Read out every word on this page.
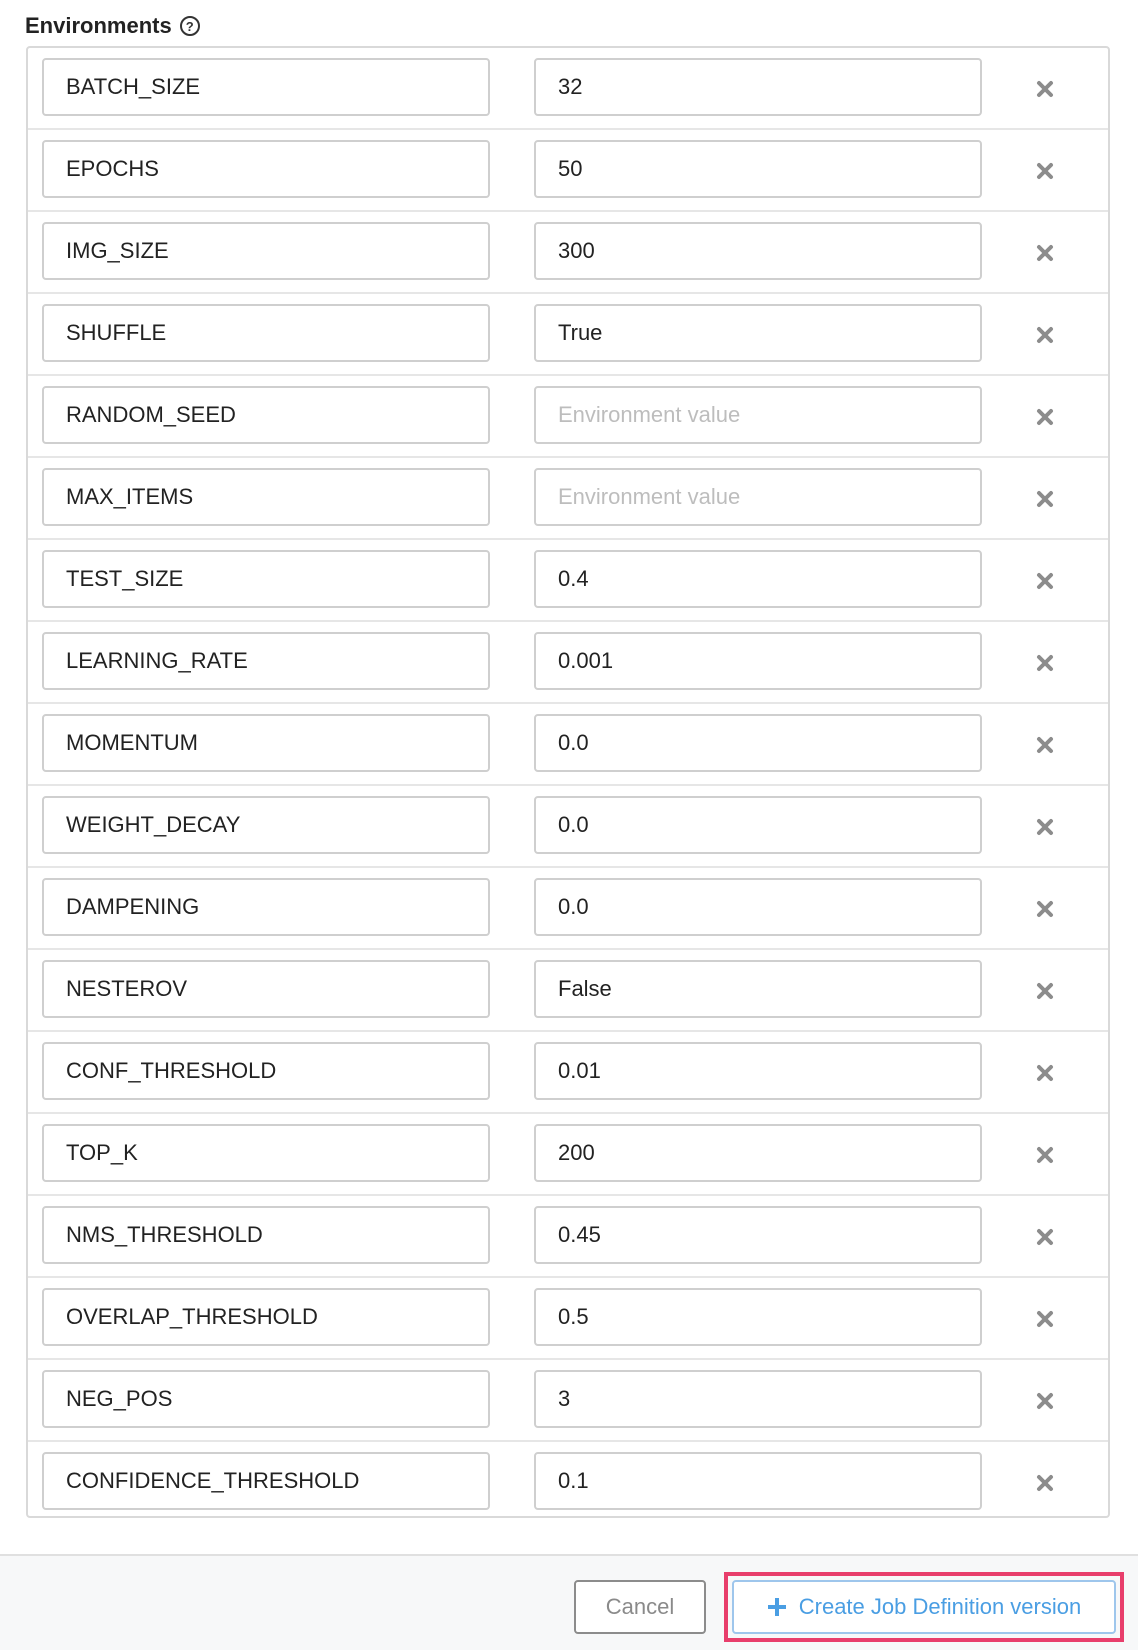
Environments	?
BATCH_SIZE
32
EPOCHS
50
IMG_SIZE
300
SHUFFLE
True
RANDOM_SEED
Environment value
MAX_ITEMS
Environment value
TEST_SIZE
0.4
LEARNING_RATE
0.001
MOMENTUM
0.0
WEIGHT_DECAY
0.0
DAMPENING
0.0
NESTEROV
False
CONF_THRESHOLD
0.01
TOP_K
200
NMS_THRESHOLD
0.45
OVERLAP_THRESHOLD
0.5
NEG_POS
3
CONFIDENCE_THRESHOLD
0.1
Cancel	Create Job Definition version
